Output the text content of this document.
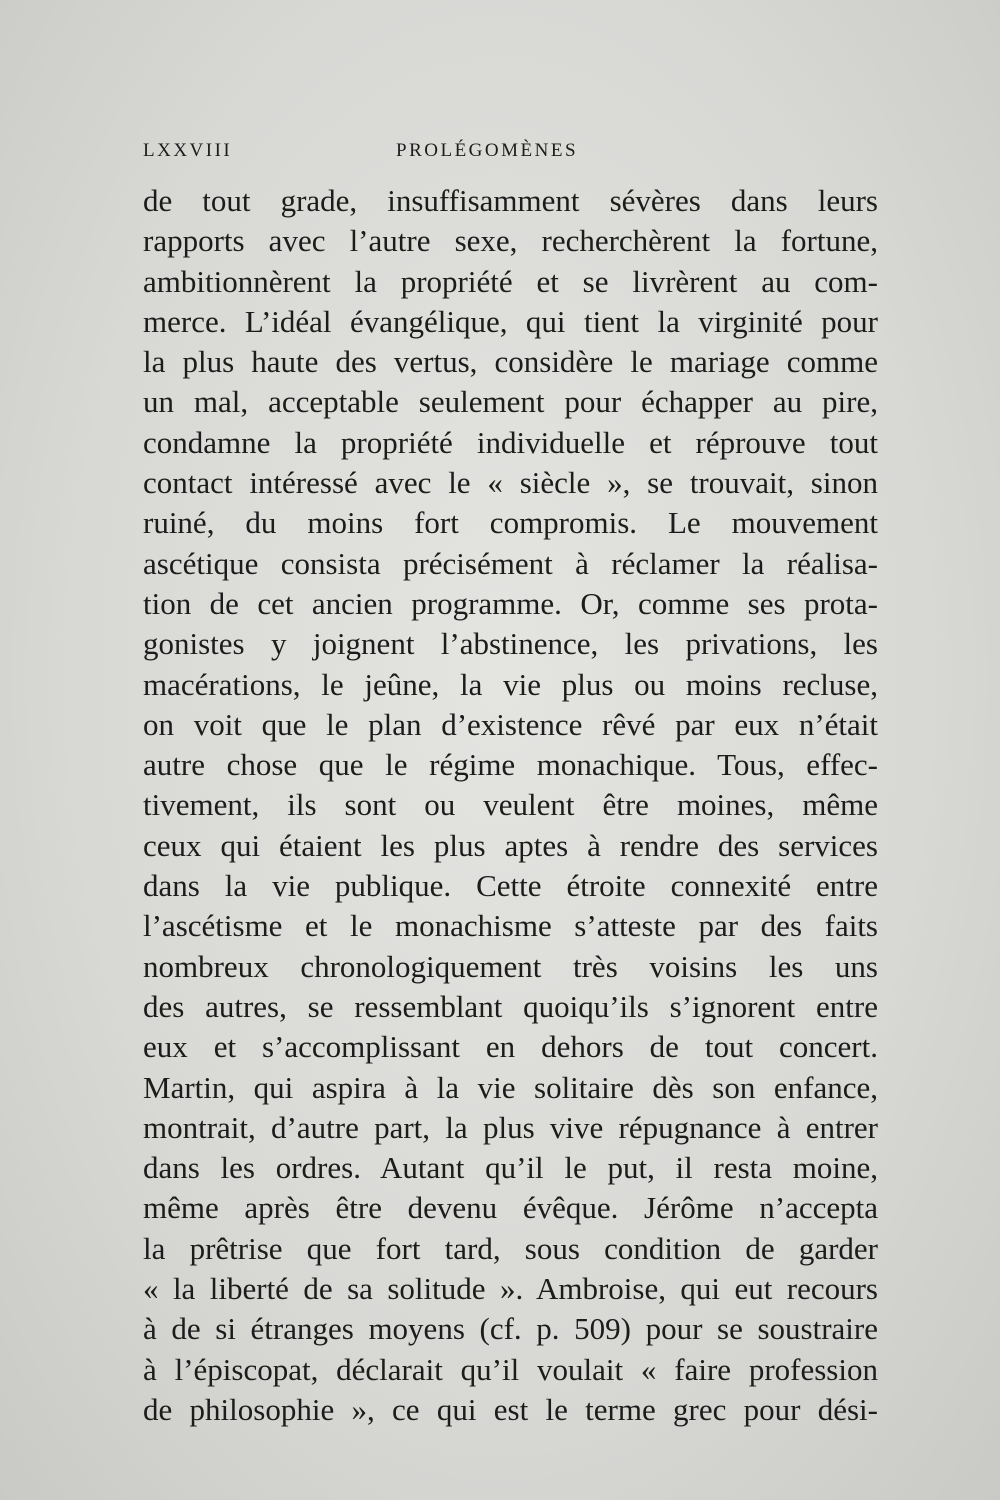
LXXVIII	PROLÉGOMÈNES
de tout grade, insuffisamment sévères dans leurs
rapports avec l’autre sexe, recherchèrent la fortune,
ambitionnèrent la propriété et se livrèrent au com-
merce. L’idéal évangélique, qui tient la virginité pour
la plus haute des vertus, considère le mariage comme
un mal, acceptable seulement pour échapper au pire,
condamne la propriété individuelle et réprouve tout
contact intéressé avec le « siècle », se trouvait, sinon
ruiné, du moins fort compromis. Le mouvement
ascétique consista précisément à réclamer la réalisa-
tion de cet ancien programme. Or, comme ses prota-
gonistes y joignent l’abstinence, les privations, les
macérations, le jeûne, la vie plus ou moins recluse,
on voit que le plan d’existence rêvé par eux n’était
autre chose que le régime monachique. Tous, effec-
tivement, ils sont ou veulent être moines, même
ceux qui étaient les plus aptes à rendre des services
dans la vie publique. Cette étroite connexité entre
l’ascétisme et le monachisme s’atteste par des faits
nombreux chronologiquement très voisins les uns
des autres, se ressemblant quoiqu’ils s’ignorent entre
eux et s’accomplissant en dehors de tout concert.
Martin, qui aspira à la vie solitaire dès son enfance,
montrait, d’autre part, la plus vive répugnance à entrer
dans les ordres. Autant qu’il le put, il resta moine,
même après être devenu évêque. Jérôme n’accepta
la prêtrise que fort tard, sous condition de garder
« la liberté de sa solitude ». Ambroise, qui eut recours
à de si étranges moyens (cf. p. 509) pour se soustraire
à l’épiscopat, déclarait qu’il voulait « faire profession
de philosophie », ce qui est le terme grec pour dési-
